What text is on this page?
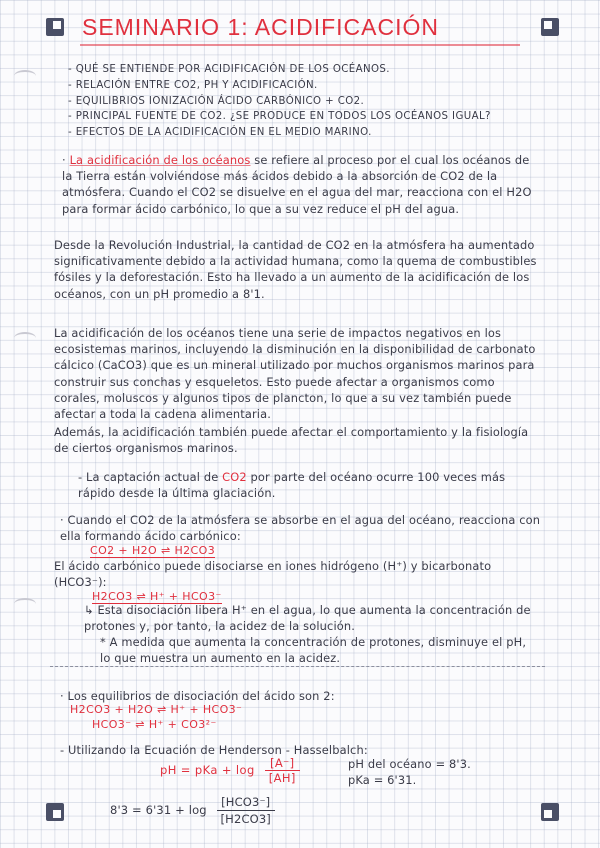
SEMINARIO 1: ACIDIFICACIÓN
- QUÉ SE ENTIENDE POR ACIDIFICACIÓN DE LOS OCÉANOS.
- RELACIÓN ENTRE CO2, PH Y ACIDIFICACIÓN.
- EQUILIBRIOS IONIZACIÓN ÁCIDO CARBÓNICO + CO2.
- PRINCIPAL FUENTE DE CO2. ¿SE PRODUCE EN TODOS LOS OCÉANOS IGUAL?
- EFECTOS DE LA ACIDIFICACIÓN EN EL MEDIO MARINO.

· La acidificación de los océanos se refiere al proceso por el cual los océanos de la Tierra están volviéndose más ácidos debido a la absorción de CO2 de la atmósfera. Cuando el CO2 se disuelve en el agua del mar, reacciona con el H2O para formar ácido carbónico, lo que a su vez reduce el pH del agua.

Desde la Revolución Industrial, la cantidad de CO2 en la atmósfera ha aumentado significativamente debido a la actividad humana, como la quema de combustibles fósiles y la deforestación. Esto ha llevado a un aumento de la acidificación de los océanos, con un pH promedio a 8'1.

La acidificación de los océanos tiene una serie de impactos negativos en los ecosistemas marinos, incluyendo la disminución en la disponibilidad de carbonato cálcico (CaCO3) que es un mineral utilizado por muchos organismos marinos para construir sus conchas y esqueletos. Esto puede afectar a organismos como corales, moluscos y algunos tipos de plancton, lo que a su vez también puede afectar a toda la cadena alimentaria.

Además, la acidificación también puede afectar el comportamiento y la fisiología de ciertos organismos marinos.

- La captación actual de CO2 por parte del océano ocurre 100 veces más rápido desde la última glaciación.

· Cuando el CO2 de la atmósfera se absorbe en el agua del océano, reacciona con ella formando ácido carbónico:

CO2 + H2O ⇌ H2CO3

El ácido carbónico puede disociarse en iones hidrógeno (H⁺) y bicarbonato (HCO3⁻):

H2CO3 ⇌ H⁺ + HCO3⁻

↳ Esta disociación libera H⁺ en el agua, lo que aumenta la concentración de protones y, por tanto, la acidez de la solución.

* A medida que aumenta la concentración de protones, disminuye el pH, lo que muestra un aumento en la acidez.

· Los equilibrios de disociación del ácido son 2:

H2CO3 + H2O ⇌ H⁺ + HCO3⁻
HCO3⁻ ⇌ H⁺ + CO3²⁻

- Utilizando la Ecuación de Henderson - Hasselbalch:

pH = pKa + $\log \frac{[A^-]}{[AH]}$	pH del océano = 8'3.
pKa = 6'31.
$8'3 = 6'31 + \log \frac{\text{[HCO3⁻]}}{[H2CO3]}$
